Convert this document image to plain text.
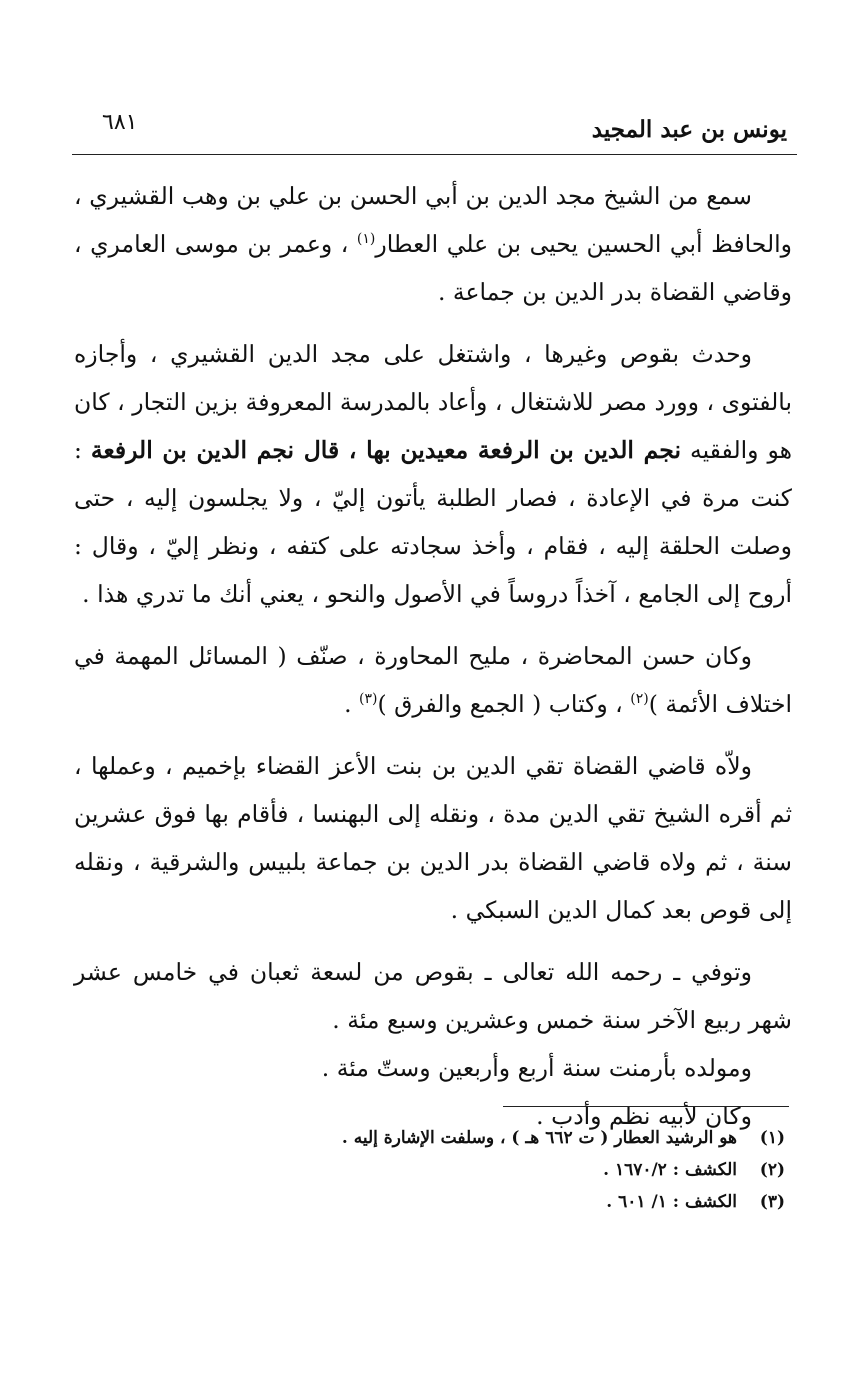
يونس بن عبد المجيد
٦٨١

سمع من الشيخ مجد الدين بن أبي الحسن بن علي بن وهب القشيري ، والحافظ أبي الحسين يحيى بن علي العطار$^{(١)}$ ، وعمر بن موسى العامري ، وقاضي القضاة بدر الدين بن جماعة .

وحدث بقوص وغيرها ، واشتغل على مجد الدين القشيري ، وأجازه بالفتوى ، وورد مصر للاشتغال ، وأعاد بالمدرسة المعروفة بزين التجار ، كان هو والفقيه نجم الدين بن الرفعة معيدين بها ، قال نجم الدين بن الرفعة : كنت مرة في الإعادة ، فصار الطلبة يأتون إليّ ، ولا يجلسون إليه ، حتى وصلت الحلقة إليه ، فقام ، وأخذ سجادته على كتفه ، ونظر إليّ ، وقال : أروح إلى الجامع ، آخذاً دروساً في الأصول والنحو ، يعني أنك ما تدري هذا .

وكان حسن المحاضرة ، مليح المحاورة ، صنّف ( المسائل المهمة في اختلاف الأئمة )$^{(٢)}$ ، وكتاب ( الجمع والفرق )$^{(٣)}$ .

ولاّه قاضي القضاة تقي الدين بن بنت الأعز القضاء بإخميم ، وعملها ، ثم أقره الشيخ تقي الدين مدة ، ونقله إلى البهنسا ، فأقام بها فوق عشرين سنة ، ثم ولاه قاضي القضاة بدر الدين بن جماعة بلبيس والشرقية ، ونقله إلى قوص بعد كمال الدين السبكي .

وتوفي ـ رحمه الله تعالى ـ بقوص من لسعة ثعبان في خامس عشر شهر ربيع الآخر سنة خمس وعشرين وسبع مئة .

ومولده بأرمنت سنة أربع وأربعين وستّ مئة .

وكان لأبيه نظم وأدب .

(١)
هو الرشيد العطار ( ت ٦٦٢ هـ ) ، وسلفت الإشارة إليه .
(٢)
الكشف : ١٦٧٠/٢ .
(٣)
الكشف : ١/ ٦٠١ .
